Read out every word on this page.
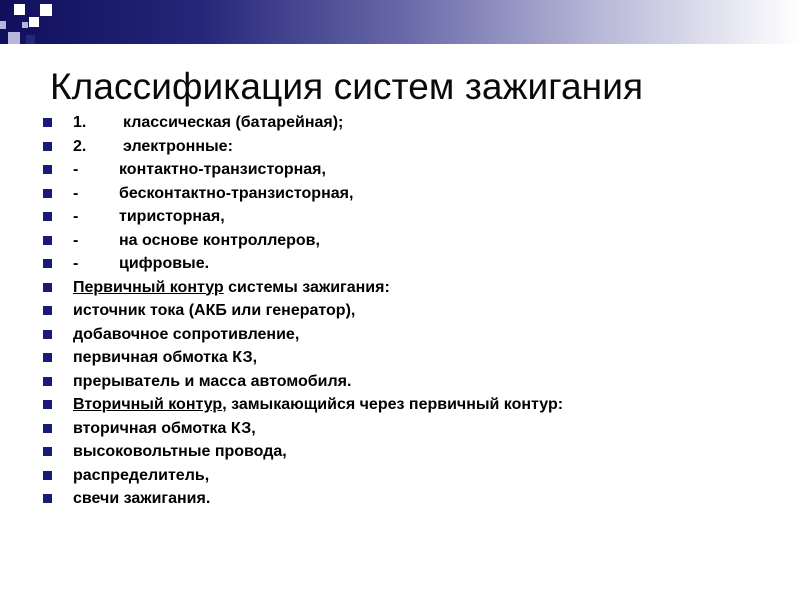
Классификация систем зажигания
1. классическая (батарейная);
2. электронные:
-	контактно-транзисторная,
-	бесконтактно-транзисторная,
-	тиристорная,
-	на основе контроллеров,
-	цифровые.
Первичный контур системы зажигания:
источник тока (АКБ или генератор),
добавочное сопротивление,
первичная обмотка КЗ,
прерыватель и масса автомобиля.
Вторичный контур, замыкающийся через первичный контур:
вторичная обмотка КЗ,
высоковольтные провода,
распределитель,
свечи зажигания.
